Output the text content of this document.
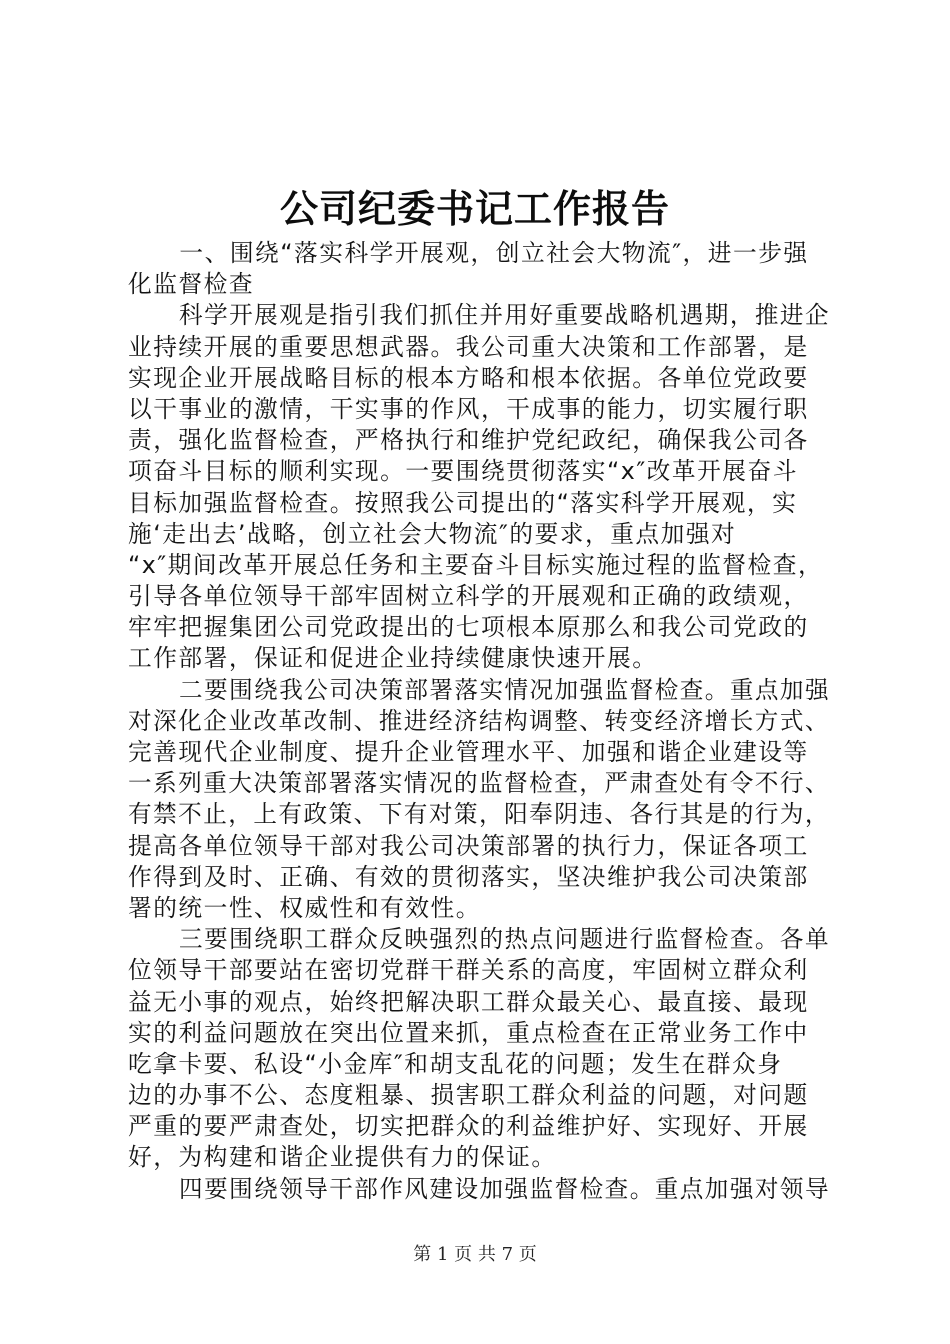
公司纪委书记工作报告
一、围绕“落实科学开展观，创立社会大物流″，进一步强
化监督检查
科学开展观是指引我们抓住并用好重要战略机遇期，推进企
业持续开展的重要思想武器。我公司重大决策和工作部署，是
实现企业开展战略目标的根本方略和根本依据。各单位党政要
以干事业的激情，干实事的作风，干成事的能力，切实履行职
责，强化监督检查，严格执行和维护党纪政纪，确保我公司各
项奋斗目标的顺利实现。一要围绕贯彻落实“x″改革开展奋斗
目标加强监督检查。按照我公司提出的“落实科学开展观，实
施‘走出去’战略，创立社会大物流″的要求，重点加强对
“x″期间改革开展总任务和主要奋斗目标实施过程的监督检查，
引导各单位领导干部牢固树立科学的开展观和正确的政绩观，
牢牢把握集团公司党政提出的七项根本原那么和我公司党政的
工作部署，保证和促进企业持续健康快速开展。
二要围绕我公司决策部署落实情况加强监督检查。重点加强
对深化企业改革改制、推进经济结构调整、转变经济增长方式、
完善现代企业制度、提升企业管理水平、加强和谐企业建设等
一系列重大决策部署落实情况的监督检查，严肃查处有令不行、
有禁不止，上有政策、下有对策，阳奉阴违、各行其是的行为，
提高各单位领导干部对我公司决策部署的执行力，保证各项工
作得到及时、正确、有效的贯彻落实，坚决维护我公司决策部
署的统一性、权威性和有效性。
三要围绕职工群众反映强烈的热点问题进行监督检查。各单
位领导干部要站在密切党群干群关系的高度，牢固树立群众利
益无小事的观点，始终把解决职工群众最关心、最直接、最现
实的利益问题放在突出位置来抓，重点检查在正常业务工作中
吃拿卡要、私设“小金库″和胡支乱花的问题；发生在群众身
边的办事不公、态度粗暴、损害职工群众利益的问题，对问题
严重的要严肃查处，切实把群众的利益维护好、实现好、开展
好，为构建和谐企业提供有力的保证。
四要围绕领导干部作风建设加强监督检查。重点加强对领导
第 1 页 共 7 页
